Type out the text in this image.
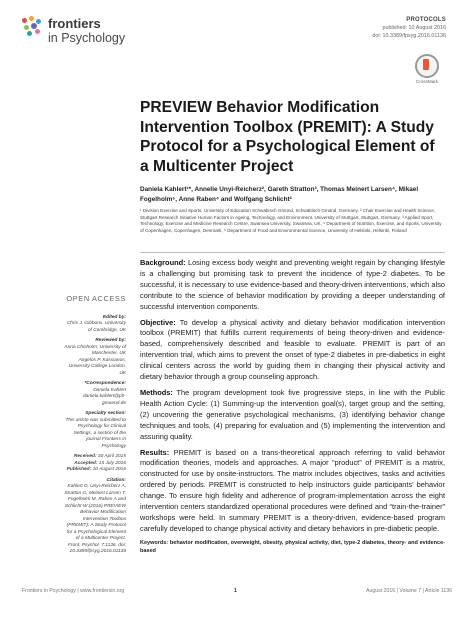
frontiers
in Psychology
PROTOCOLS
published: 10 August 2016
doi: 10.3389/fpsyg.2016.01136
CrossMark
PREVIEW Behavior Modification Intervention Toolbox (PREMIT): A Study Protocol for a Psychological Element of a Multicenter Project
Daniela Kahlert¹*, Annelie Unyi-Reicherz², Gareth Stratton³, Thomas Meinert Larsen⁴, Mikael Fogelholm⁵, Anne Raben⁴ and Wolfgang Schlicht²
¹ Division Exercise and Sports, University of Education Schwäbisch Gmünd, Schwäbisch Gmünd, Germany, ² Chair Exercise and Health Science, Stuttgart Research Initiative Human Factors in Ageing, Technology, and Environment, University of Stuttgart, Stuttgart, Germany, ³ Applied Sport, Technology, Exercise and Medicine Research Centre, Swansea University, Swansea, UK, ⁴ Department of Nutrition, Exercise, and Sports, University of Copenhagen, Copenhagen, Denmark, ⁵ Department of Food and Environmental Science, University of Helsinki, Helsinki, Finland
OPEN ACCESS
Edited by:
Chris J. Gibbons, University of Cambridge, UK
Reviewed by:
Anna Chisholm, University of Manchester, UK
Angelos P. Kassianos, University College London, UK
*Correspondence:
Daniela Kahlert
daniela.kahlert@ph-gmuend.de
Specialty section:
This article was submitted to Psychology for Clinical Settings, a section of the journal Frontiers in Psychology
Received: 30 April 2015
Accepted: 15 July 2016
Published: 10 August 2016
Citation:
Kahlert D, Unyi-Reicherz A, Stratton G, Meinert Larsen T, Fogelholm M, Raben A and Schlicht W (2016) PREVIEW Behavior Modification Intervention Toolbox (PREMIT): A Study Protocol for a Psychological Element of a Multicenter Project. Front. Psychol. 7:1136. doi: 10.3389/fpsyg.2016.01136

Background: Losing excess body weight and preventing weight regain by changing lifestyle is a challenging but promising task to prevent the incidence of type-2 diabetes. To be successful, it is necessary to use evidence-based and theory-driven interventions, which also contribute to the science of behavior modification by providing a deeper understanding of successful intervention components.

Objective: To develop a physical activity and dietary behavior modification intervention toolbox (PREMIT) that fulfills current requirements of being theory-driven and evidence-based, comprehensively described and feasible to evaluate. PREMIT is part of an intervention trial, which aims to prevent the onset of type-2 diabetes in pre-diabetics in eight clinical centers across the world by guiding them in changing their physical activity and dietary behavior through a group counseling approach.

Methods: The program development took five progressive steps, in line with the Public Health Action Cycle: (1) Summing-up the intervention goal(s), target group and the setting, (2) uncovering the generative psychological mechanisms, (3) identifying behavior change techniques and tools, (4) preparing for evaluation and (5) implementing the intervention and assuring quality.

Results: PREMIT is based on a trans-theoretical approach referring to valid behavior modification theories, models and approaches. A major “product” of PREMIT is a matrix, constructed for use by onsite-instructors. The matrix includes objectives, tasks and activities ordered by periods. PREMIT is constructed to help instructors guide participants’ behavior change. To ensure high fidelity and adherence of program-implementation across the eight intervention centers standardized operational procedures were defined and “train-the-trainer” workshops were held. In summary PREMIT is a theory-driven, evidence-based program carefully developed to change physical activity and dietary behaviors in pre-diabetic people.

Keywords: behavior modification, overweight, obesity, physical activity, diet, type-2 diabetes, theory- and evidence-based

Frontiers in Psychology | www.frontiersin.org	1	August 2016 | Volume 7 | Article 1136
